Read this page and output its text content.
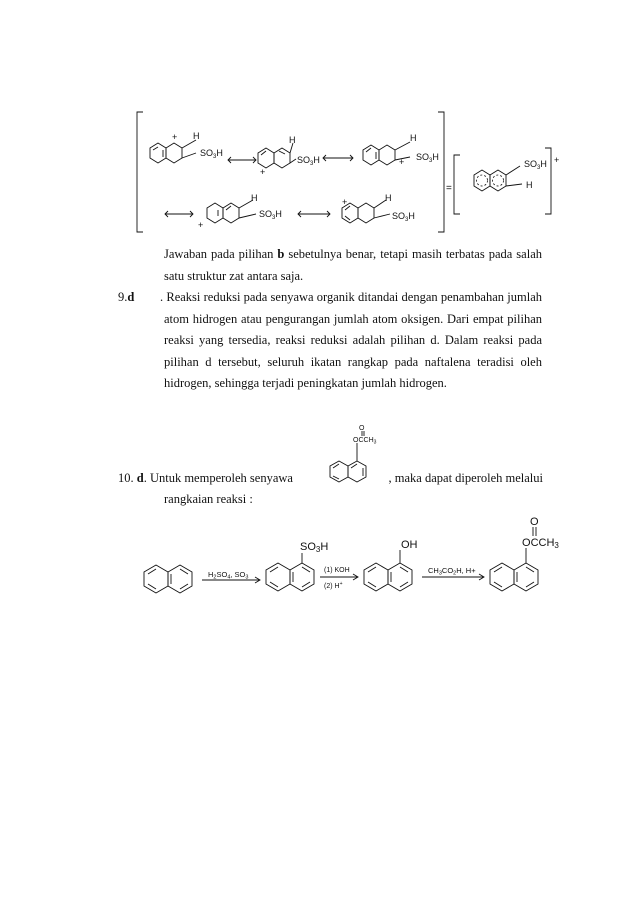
+ H
$SO_3H$
+
H
$SO_3H$	+
H
$SO_3H$
=
$SO_3H$
H
+
+
H
$SO_3H$
+	H
$SO_3H$
O
$OCCH_3$
$H_2SO_4$, $SO_3$
SO3H
(1) KOH
(2) H+
OH
$CH_3CO_2H$, H+
O
OCCH3
Jawaban pada pilihan b sebetulnya benar, tetapi masih terbatas pada salah satu struktur zat antara saja.
9.d	. Reaksi reduksi pada senyawa organik ditandai dengan penambahan jumlah atom hidrogen atau pengurangan jumlah atom oksigen. Dari empat pilihan reaksi yang tersedia, reaksi reduksi adalah pilihan d. Dalam reaksi pada pilihan d tersebut, seluruh ikatan rangkap pada naftalena teradisi oleh hidrogen, sehingga terjadi peningkatan jumlah hidrogen.
10. d. Untuk memperoleh senyawa	, maka dapat diperoleh melalui
rangkaian reaksi :
